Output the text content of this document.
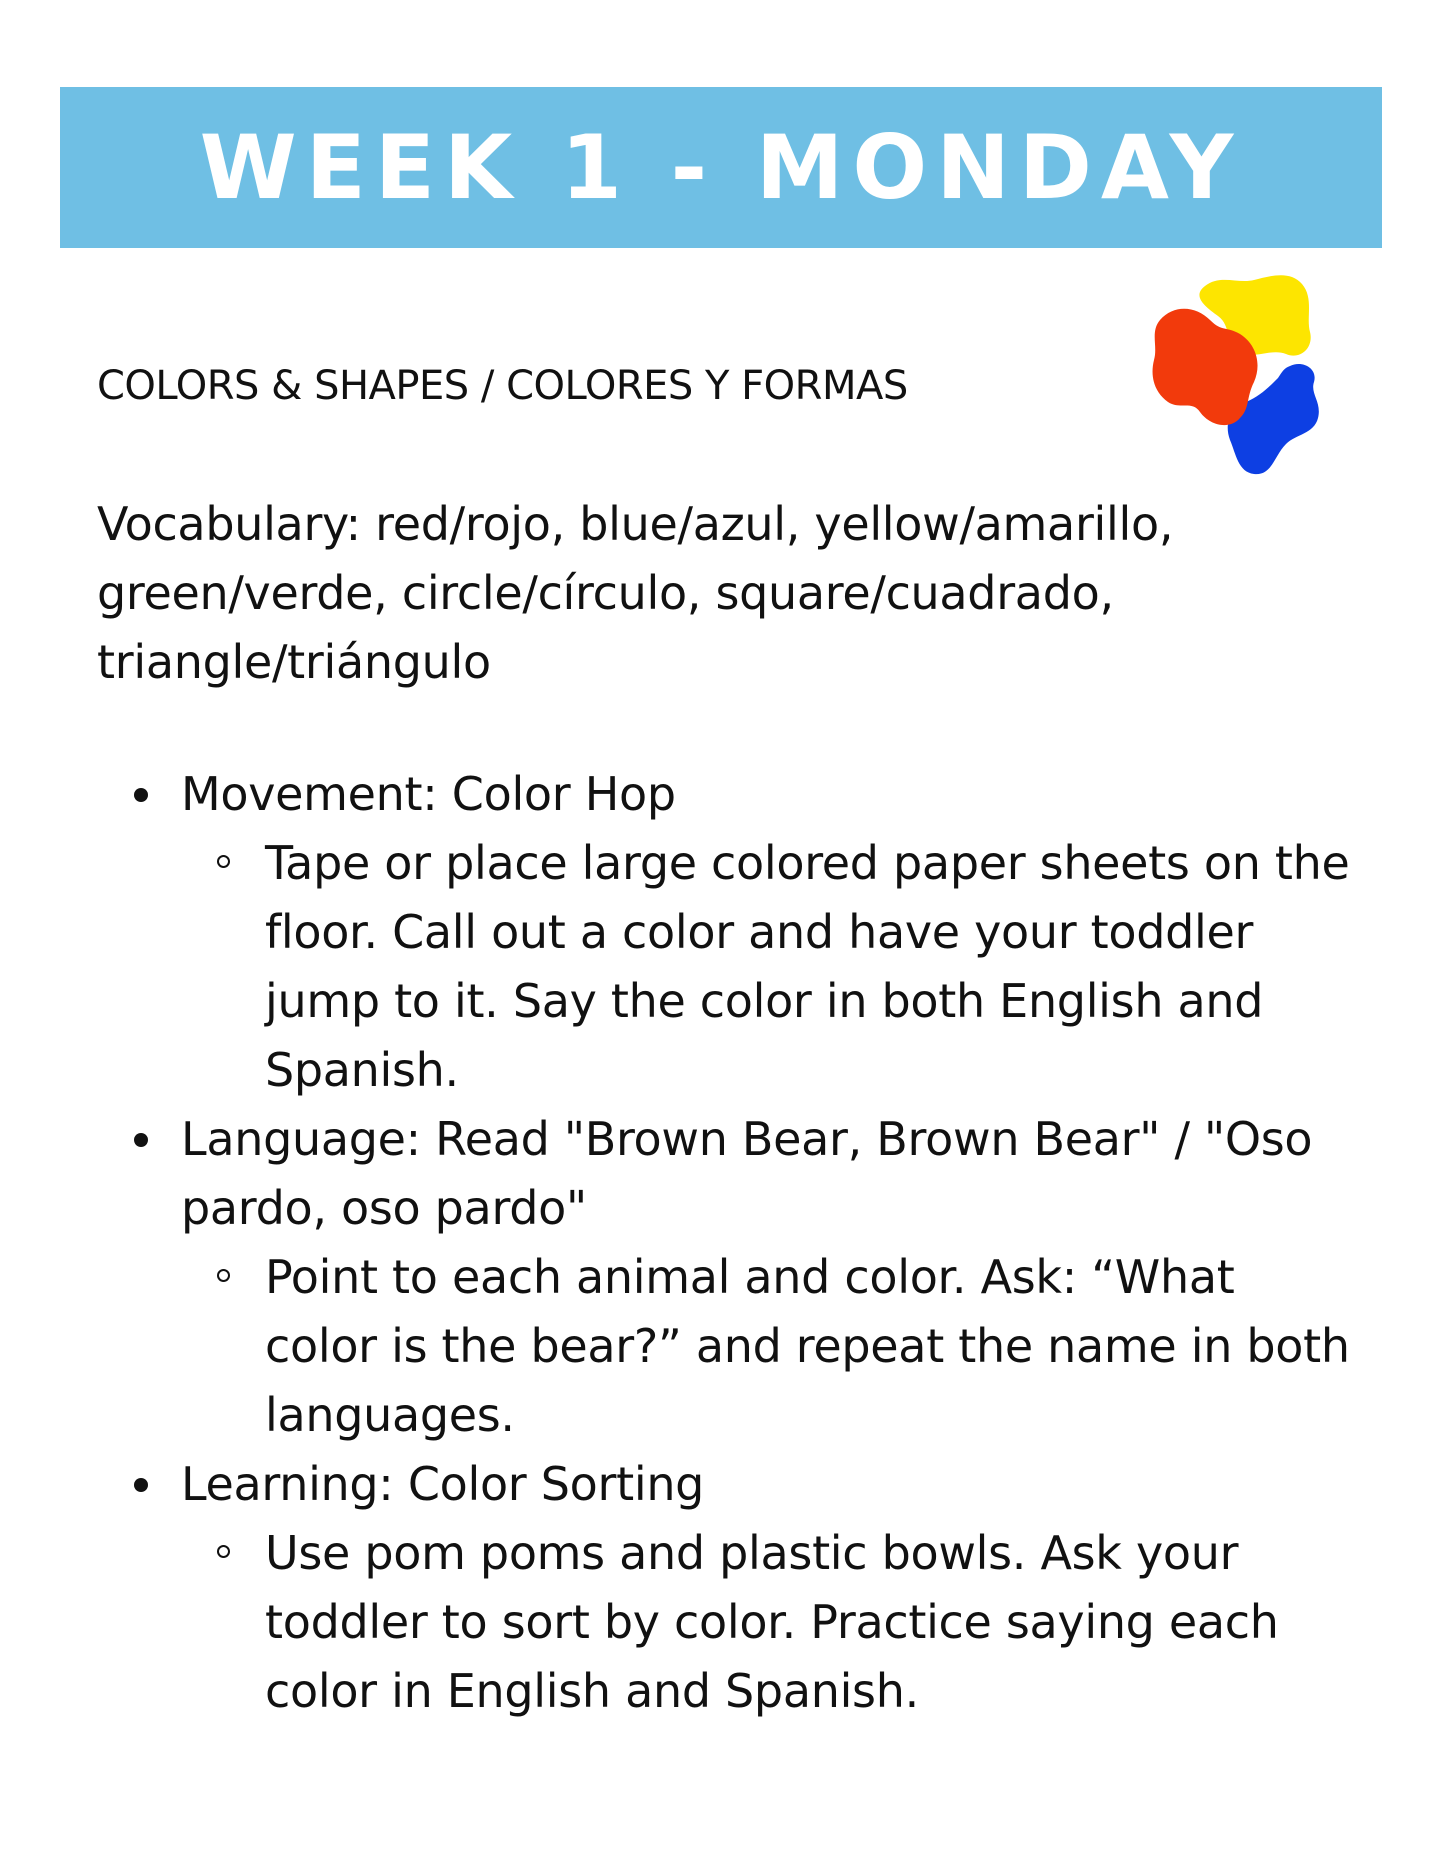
WEEK 1 - MONDAY
COLORS & SHAPES / COLORES Y FORMAS

Vocabulary: red/rojo, blue/azul, yellow/amarillo, green/verde, circle/círculo, square/cuadrado, triangle/triángulo

Movement: Color Hop
Tape or place large colored paper sheets on the floor. Call out a color and have your toddler jump to it. Say the color in both English and Spanish.
Language: Read "Brown Bear, Brown Bear" / "Oso pardo, oso pardo"
Point to each animal and color. Ask: “What color is the bear?” and repeat the name in both languages.
Learning: Color Sorting
Use pom poms and plastic bowls. Ask your toddler to sort by color. Practice saying each color in English and Spanish.
